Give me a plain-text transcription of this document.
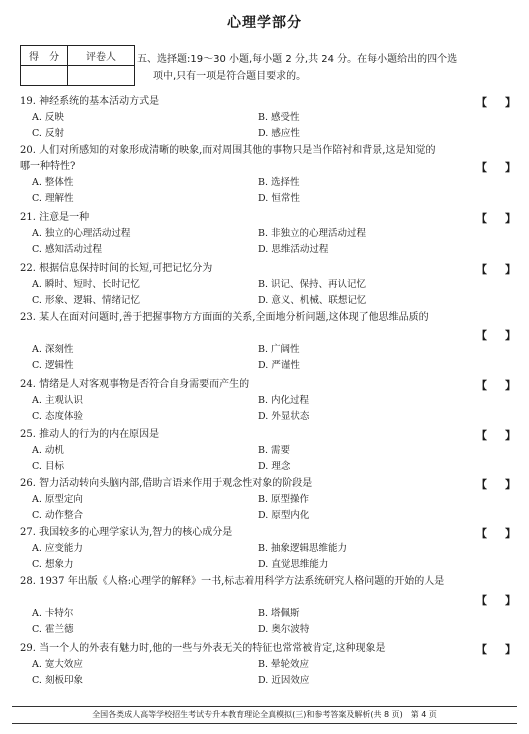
心理学部分
得　分	评卷人
	五、选择题:19～30 小题,每小题 2 分,共 24 分。在每小题给出的四个选
项中,只有一项是符合题目要求的。
19. 神经系统的基本活动方式是	【 】
A. 反映	B. 感受性
C. 反射	D. 感应性
20. 人们对所感知的对象形成清晰的映象,而对周围其他的事物只是当作陪衬和背景,这是知觉的
哪一种特性?	【 】
A. 整体性	B. 选择性
C. 理解性	D. 恒常性
21. 注意是一种	【 】
A. 独立的心理活动过程	B. 非独立的心理活动过程
C. 感知活动过程	D. 思维活动过程
22. 根据信息保持时间的长短,可把记忆分为	【 】
A. 瞬时、短时、长时记忆	B. 识记、保持、再认记忆
C. 形象、逻辑、情绪记忆	D. 意义、机械、联想记忆
23. 某人在面对问题时,善于把握事物方方面面的关系,全面地分析问题,这体现了他思维品质的
【 】
A. 深刻性	B. 广阔性
C. 逻辑性	D. 严谨性
24. 情绪是人对客观事物是否符合自身需要而产生的	【 】
A. 主观认识	B. 内化过程
C. 态度体验	D. 外显状态
25. 推动人的行为的内在原因是	【 】
A. 动机	B. 需要
C. 目标	D. 理念
26. 智力活动转向头脑内部,借助言语来作用于观念性对象的阶段是	【 】
A. 原型定向	B. 原型操作
C. 动作整合	D. 原型内化
27. 我国较多的心理学家认为,智力的核心成分是	【 】
A. 应变能力	B. 抽象逻辑思维能力
C. 想象力	D. 直觉思维能力
28. 1937 年出版《人格:心理学的解释》一书,标志着用科学方法系统研究人格问题的开始的人是
【 】
A. 卡特尔	B. 塔佩斯
C. 霍兰德	D. 奥尔波特
29. 当一个人的外表有魅力时,他的一些与外表无关的特征也常常被肯定,这种现象是	【 】
A. 宽大效应	B. 晕轮效应
C. 刻板印象	D. 近因效应
全国各类成人高等学校招生考试专升本教育理论全真模拟(三)和参考答案及解析(共 8 页)　第 4 页
